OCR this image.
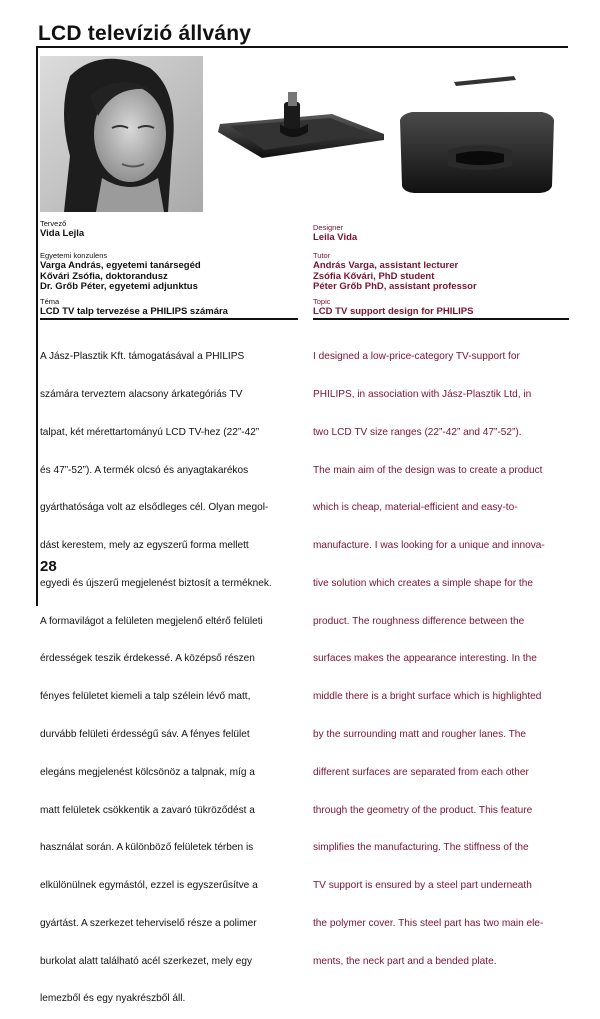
LCD televízió állvány
Tervező
Vida Lejla
Egyetemi konzulens
Varga András, egyetemi tanársegéd
Kővári Zsófia, doktorandusz
Dr. Grőb Péter, egyetemi adjunktus
Téma
LCD TV talp tervezése a PHILIPS számára
Designer
Leila Vida
Tutor
András Varga, assistant lecturer
Zsófia Kővári, PhD student
Péter Grőb PhD, assistant professor
Topic
LCD TV support design for PHILIPS

A Jász-Plasztik Kft. támogatásával a PHILIPS

számára terveztem alacsony árkategóriás TV

talpat, két mérettartományú LCD TV-hez (22”-42”

és 47”-52”). A termék olcsó és anyagtakarékos

gyárthatósága volt az elsődleges cél. Olyan megol-

dást kerestem, mely az egyszerű forma mellett

egyedi és újszerű megjelenést biztosít a terméknek.

A formavilágot a felületen megjelenő eltérő felületi

érdességek teszik érdekessé. A középső részen

fényes felületet kiemeli a talp szélein lévő matt,

durvább felületi érdességű sáv. A fényes felület

elegáns megjelenést kölcsönöz a talpnak, míg a

matt felületek csökkentik a zavaró tükröződést a

használat során. A különböző felületek térben is

elkülönülnek egymástól, ezzel is egyszerűsítve a

gyártást. A szerkezet teherviselő része a polimer

burkolat alatt található acél szerkezet, mely egy

lemezből és egy nyakrészből áll.

I designed a low-price-category TV-support for

PHILIPS, in association with Jász-Plasztik Ltd, in

two LCD TV size ranges (22”-42” and 47”-52”).

The main aim of the design was to create a product

which is cheap, material-efficient and easy-to-

manufacture. I was looking for a unique and innova-

tive solution which creates a simple shape for the

product. The roughness difference between the

surfaces makes the appearance interesting. In the

middle there is a bright surface which is highlighted

by the surrounding matt and rougher lanes. The

different surfaces are separated from each other

through the geometry of the product. This feature

simplifies the manufacturing. The stiffness of the

TV support is ensured by a steel part underneath

the polymer cover. This steel part has two main ele-

ments, the neck part and a bended plate.

28
